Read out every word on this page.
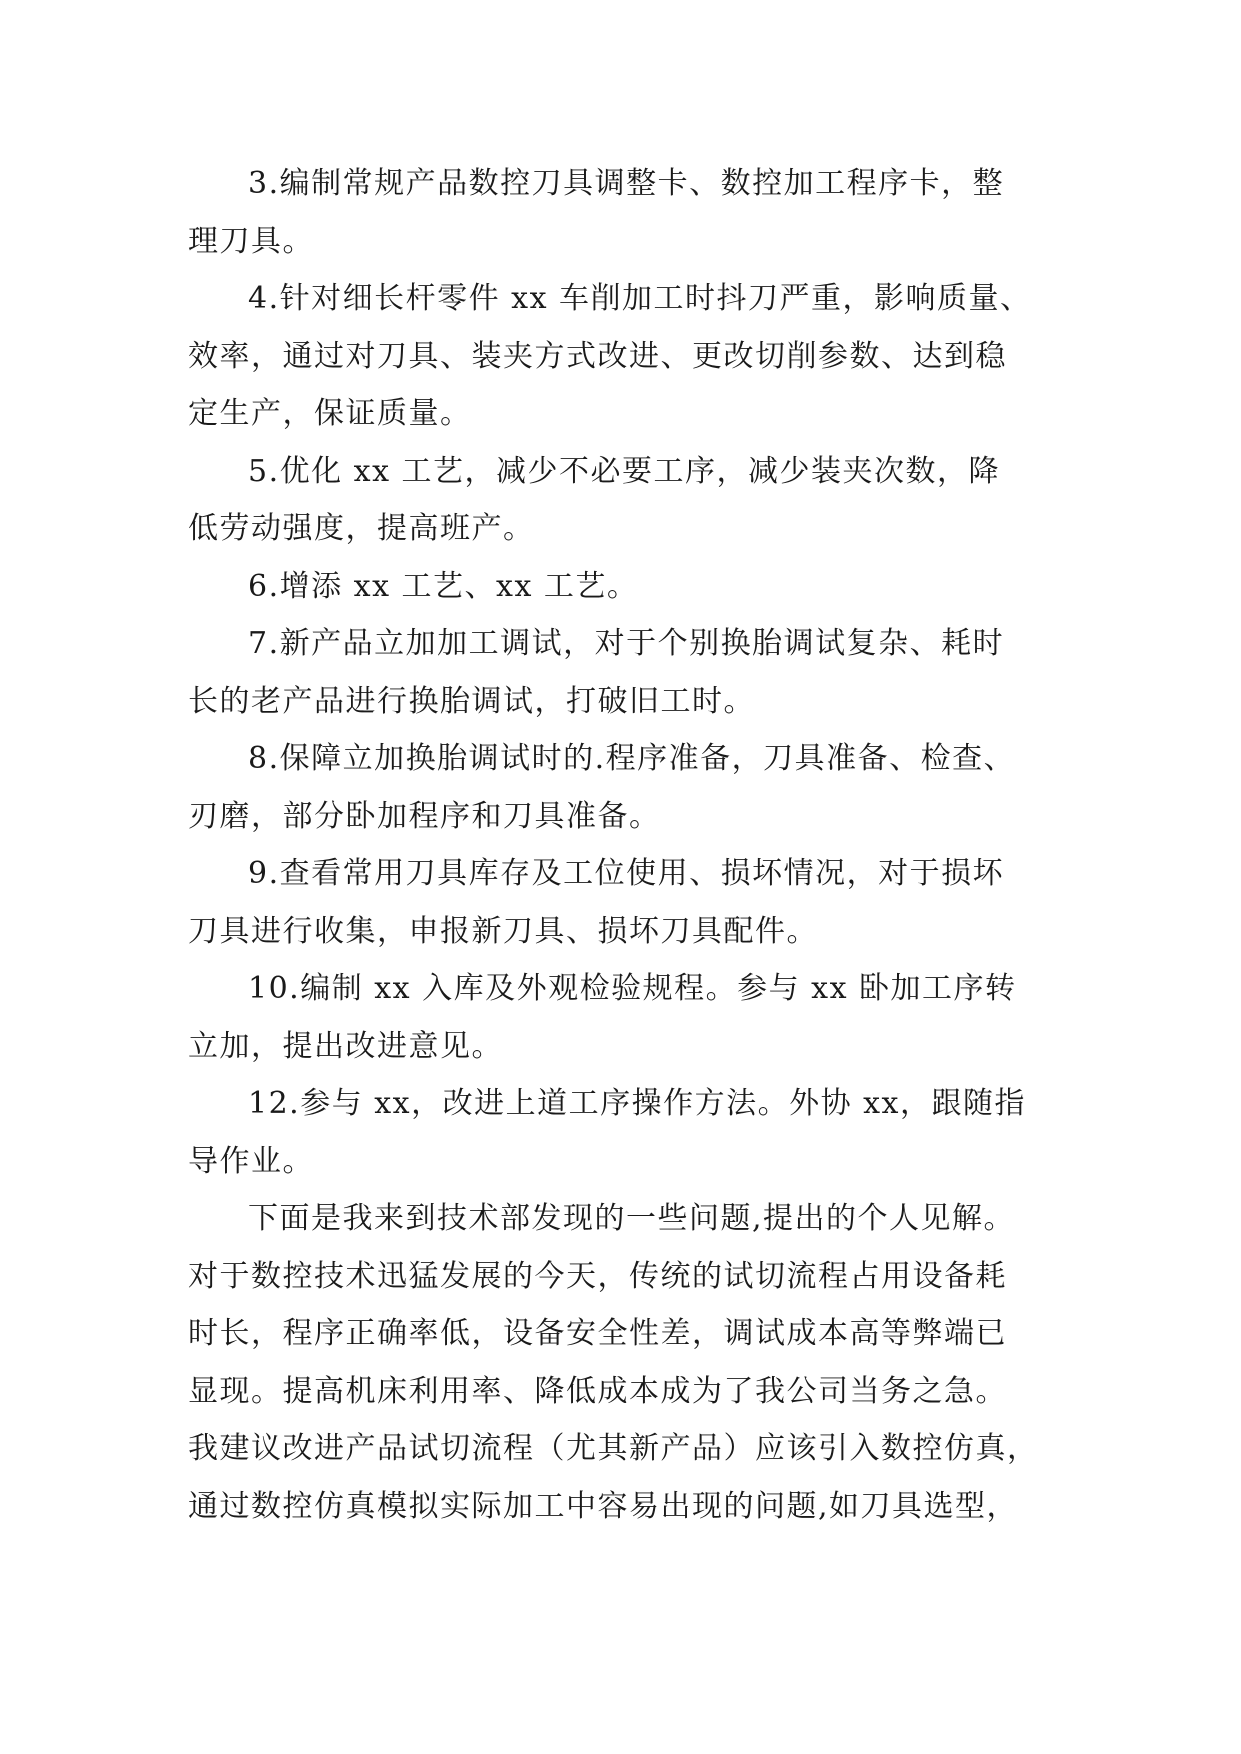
3.编制常规产品数控刀具调整卡、数控加工程序卡，整
理刀具。
4.针对细长杆零件 xx 车削加工时抖刀严重，影响质量、
效率，通过对刀具、装夹方式改进、更改切削参数、达到稳
定生产，保证质量。
5.优化 xx 工艺，减少不必要工序，减少装夹次数，降
低劳动强度，提高班产。
6.增添 xx 工艺、xx 工艺。
7.新产品立加加工调试，对于个别换胎调试复杂、耗时
长的老产品进行换胎调试，打破旧工时。
8.保障立加换胎调试时的.程序准备，刀具准备、检查、
刃磨，部分卧加程序和刀具准备。
9.查看常用刀具库存及工位使用、损坏情况，对于损坏
刀具进行收集，申报新刀具、损坏刀具配件。
10.编制 xx 入库及外观检验规程。参与 xx 卧加工序转
立加，提出改进意见。
12.参与 xx，改进上道工序操作方法。外协 xx，跟随指
导作业。
下面是我来到技术部发现的一些问题,提出的个人见解。
对于数控技术迅猛发展的今天，传统的试切流程占用设备耗
时长，程序正确率低，设备安全性差，调试成本高等弊端已
显现。提高机床利用率、降低成本成为了我公司当务之急。
我建议改进产品试切流程（尤其新产品）应该引入数控仿真，
通过数控仿真模拟实际加工中容易出现的问题,如刀具选型，
